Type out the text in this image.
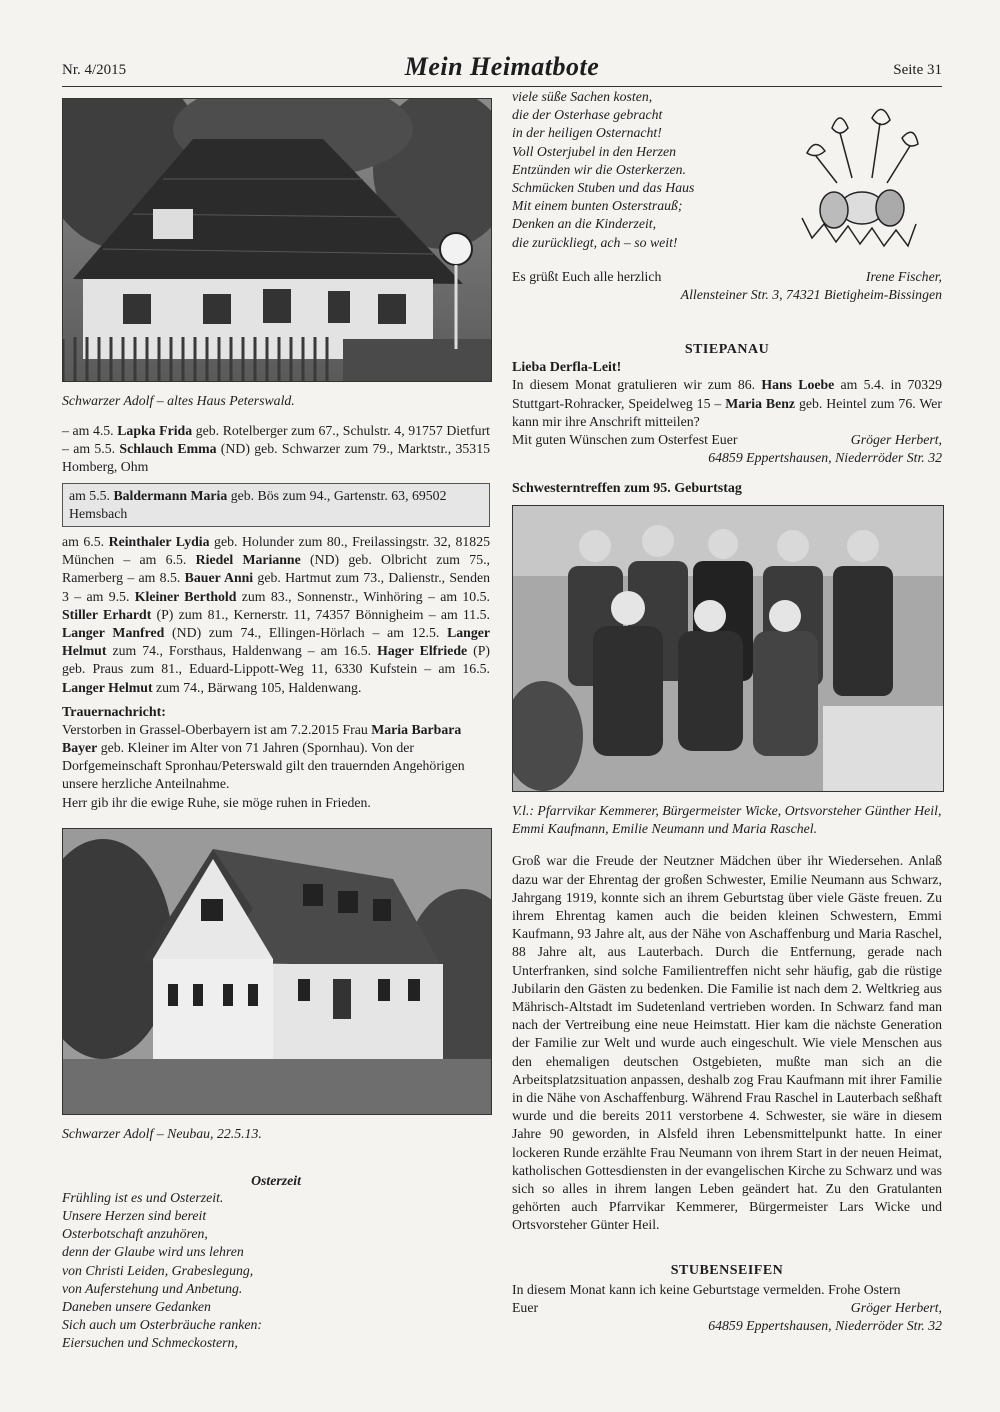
Nr. 4/2015	Mein Heimatbote	Seite 31
Schwarzer Adolf – altes Haus Peterswald.

– am 4.5. Lapka Frida geb. Rotelberger zum 67., Schulstr. 4, 91757 Dietfurt – am 5.5. Schlauch Emma (ND) geb. Schwarzer zum 79., Marktstr., 35315 Homberg, Ohm

am 5.5. Baldermann Maria geb. Bös zum 94., Gartenstr. 63, 69502 Hemsbach

am 6.5. Reinthaler Lydia geb. Holunder zum 80., Freilassingstr. 32, 81825 München – am 6.5. Riedel Marianne (ND) geb. Olbricht zum 75., Ramerberg – am 8.5. Bauer Anni geb. Hartmut zum 73., Dalienstr., Senden 3 – am 9.5. Kleiner Berthold zum 83., Sonnenstr., Winhöring – am 10.5. Stiller Erhardt (P) zum 81., Kernerstr. 11, 74357 Bönnigheim – am 11.5. Langer Manfred (ND) zum 74., Ellingen-Hörlach – am 12.5. Langer Helmut zum 74., Forsthaus, Haldenwang – am 16.5. Hager Elfriede (P) geb. Praus zum 81., Eduard-Lippott-Weg 11, 6330 Kufstein – am 16.5. Langer Helmut zum 74., Bärwang 105, Haldenwang.

Trauernachricht:

Verstorben in Grassel-Oberbayern ist am 7.2.2015 Frau Maria Barbara Bayer geb. Kleiner im Alter von 71 Jahren (Spornhau). Von der Dorfgemeinschaft Spronhau/Peterswald gilt den trauernden Angehörigen unsere herzliche Anteilnahme.

Herr gib ihr die ewige Ruhe, sie möge ruhen in Frieden.

Schwarzer Adolf – Neubau, 22.5.13.
Osterzeit
Frühling ist es und Osterzeit.
Unsere Herzen sind bereit
Osterbotschaft anzuhören,
denn der Glaube wird uns lehren
von Christi Leiden, Grabeslegung,
von Auferstehung und Anbetung.
Daneben unsere Gedanken
Sich auch um Osterbräuche ranken:
Eiersuchen und Schmeckostern,
viele süße Sachen kosten,
die der Osterhase gebracht
in der heiligen Osternacht!
Voll Osterjubel in den Herzen
Entzünden wir die Osterkerzen.
Schmücken Stuben und das Haus
Mit einem bunten Osterstrauß;
Denken an die Kinderzeit,
die zurückliegt, ach – so weit!
Es grüßt Euch alle herzlich	Irene Fischer,
Allensteiner Str. 3, 74321 Bietigheim-Bissingen
STIEPANAU
Lieba Derfla-Leit!

In diesem Monat gratulieren wir zum 86. Hans Loebe am 5.4. in 70329 Stuttgart-Rohracker, Speidelweg 15 – Maria Benz geb. Heintel zum 76. Wer kann mir ihre Anschrift mitteilen?

Mit guten Wünschen zum Osterfest Euer	Gröger Herbert,
64859 Eppertshausen, Niederröder Str. 32
Schwesterntreffen zum 95. Geburtstag
V.l.: Pfarrvikar Kemmerer, Bürgermeister Wicke, Ortsvorsteher Günther Heil, Emmi Kaufmann, Emilie Neumann und Maria Raschel.

Groß war die Freude der Neutzner Mädchen über ihr Wiedersehen. Anlaß dazu war der Ehrentag der großen Schwester, Emilie Neumann aus Schwarz, Jahrgang 1919, konnte sich an ihrem Geburtstag über viele Gäste freuen. Zu ihrem Ehrentag kamen auch die beiden kleinen Schwestern, Emmi Kaufmann, 93 Jahre alt, aus der Nähe von Aschaffenburg und Maria Raschel, 88 Jahre alt, aus Lauterbach. Durch die Entfernung, gerade nach Unterfranken, sind solche Familientreffen nicht sehr häufig, gab die rüstige Jubilarin den Gästen zu bedenken. Die Familie ist nach dem 2. Weltkrieg aus Mährisch-Altstadt im Sudetenland vertrieben worden. In Schwarz fand man nach der Vertreibung eine neue Heimstatt. Hier kam die nächste Generation der Familie zur Welt und wurde auch eingeschult. Wie viele Menschen aus den ehemaligen deutschen Ostgebieten, mußte man sich an die Arbeitsplatzsituation anpassen, deshalb zog Frau Kaufmann mit ihrer Familie in die Nähe von Aschaffenburg. Während Frau Raschel in Lauterbach seßhaft wurde und die bereits 2011 verstorbene 4. Schwester, sie wäre in diesem Jahre 90 geworden, in Alsfeld ihren Lebensmittelpunkt hatte. In einer lockeren Runde erzählte Frau Neumann von ihrem Start in der neuen Heimat, katholischen Gottesdiensten in der evangelischen Kirche zu Schwarz und was sich so alles in ihrem langen Leben geändert hat. Zu den Gratulanten gehörten auch Pfarrvikar Kemmerer, Bürgermeister Lars Wicke und Ortsvorsteher Günter Heil.

STUBENSEIFEN

In diesem Monat kann ich keine Geburtstage vermelden. Frohe Ostern

Euer	Gröger Herbert,
64859 Eppertshausen, Niederröder Str. 32
